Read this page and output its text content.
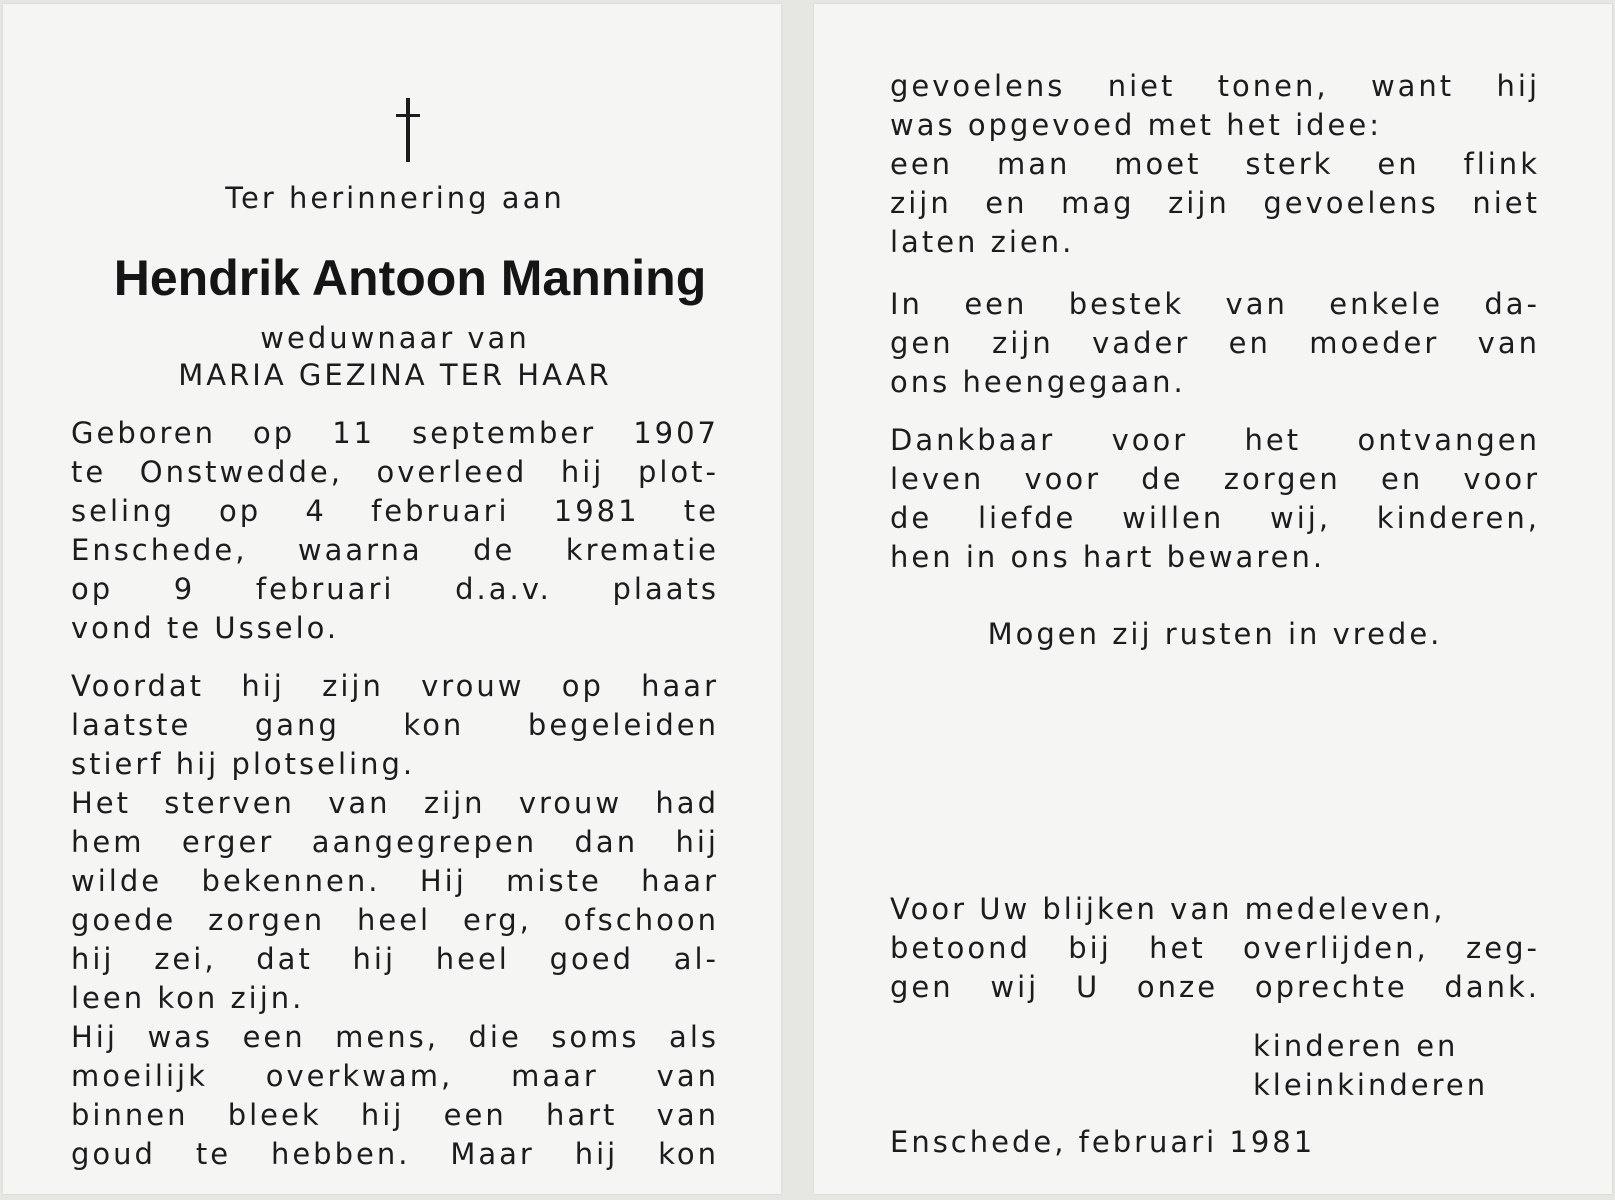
Ter herinnering aan

Hendrik Antoon Manning

weduwnaar van

MARIA GEZINA TER HAAR

Geboren op 11 september 1907

te Onstwedde, overleed hij plot-

seling op 4 februari 1981 te

Enschede, waarna de krematie

op 9 februari d.a.v. plaats

vond te Usselo.

Voordat hij zijn vrouw op haar

laatste gang kon begeleiden

stierf hij plotseling.

Het sterven van zijn vrouw had

hem erger aangegrepen dan hij

wilde bekennen. Hij miste haar

goede zorgen heel erg, ofschoon

hij zei, dat hij heel goed al-

leen kon zijn.

Hij was een mens, die soms als

moeilijk overkwam, maar van

binnen bleek hij een hart van

goud te hebben. Maar hij kon

gevoelens niet tonen, want hij

was opgevoed met het idee:

een man moet sterk en flink

zijn en mag zijn gevoelens niet

laten zien.

In een bestek van enkele da-

gen zijn vader en moeder van

ons heengegaan.

Dankbaar voor het ontvangen

leven voor de zorgen en voor

de liefde willen wij, kinderen,

hen in ons hart bewaren.

Mogen zij rusten in vrede.

Voor Uw blijken van medeleven,

betoond bij het overlijden, zeg-

gen wij U onze oprechte dank.

kinderen en

kleinkinderen

Enschede, februari 1981
